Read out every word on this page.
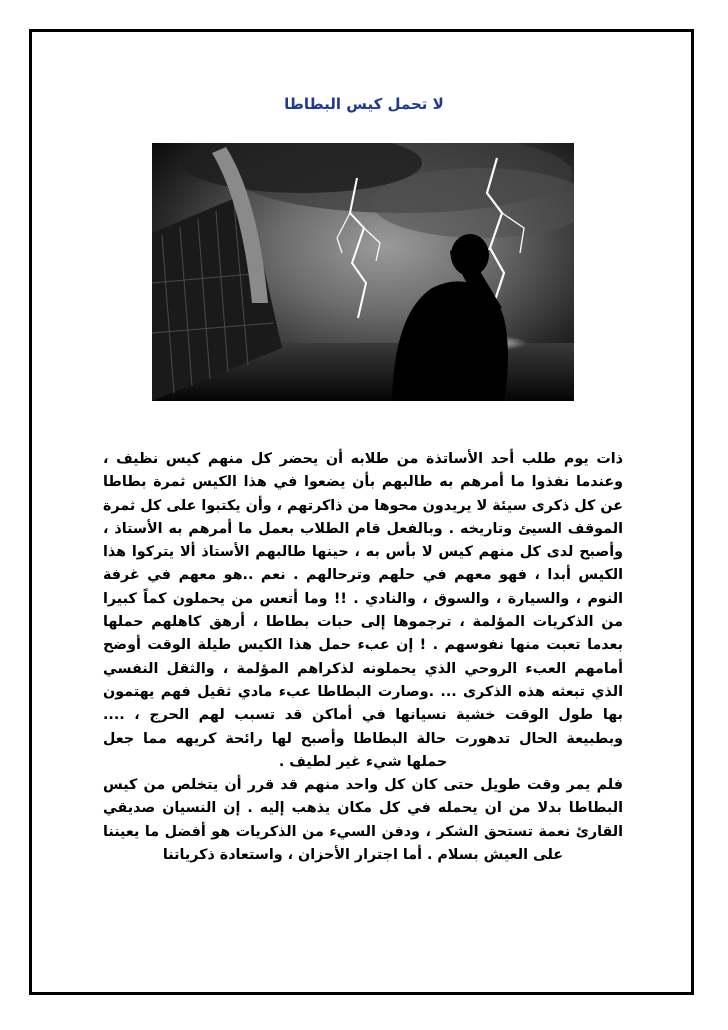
لا تحمل كيس البطاطا

ذات يوم طلب أحد الأساتذة من طلابه أن يحضر كل منهم كيس نظيف ، وعندما نفذوا ما أمرهم به طالبهم بأن يضعوا في هذا الكيس ثمرة بطاطا عن كل ذكرى سيئة لا يريدون محوها من ذاكرتهم ، وأن يكتبوا على كل ثمرة الموقف السيئ وتاريخه . وبالفعل قام الطلاب بعمل ما أمرهم به الأستاذ ، وأصبح لدى كل منهم كيس لا بأس به ، حينها طالبهم الأستاذ ألا يتركوا هذا الكيس أبدا ، فهو معهم في حلهم وترحالهم . نعم ..هو معهم في غرفة النوم ، والسيارة ، والسوق ، والنادي . !! وما أتعس من يحملون كماً كبيرا من الذكريات المؤلمة ، ترجموها إلى حبات بطاطا ، أرهق كاهلهم حملها بعدما تعبت منها نفوسهم . ! إن عبء حمل هذا الكيس طيلة الوقت أوضح أمامهم العبء الروحي الذي يحملونه لذكراهم المؤلمة ، والثقل النفسي الذي تبعثه هذه الذكرى ... .وصارت البطاطا عبء مادي ثقيل فهم يهتمون بها طول الوقت خشية نسيانها في أماكن قد تسبب لهم الحرج ، .... وبطبيعة الحال تدهورت حالة البطاطا وأصبح لها رائحة كريهه مما جعل حملها شيء غير لطيف .

فلم يمر وقت طويل حتى كان كل واحد منهم قد قرر أن يتخلص من كيس البطاطا بدلا من ان يحمله في كل مكان يذهب إليه . إن النسيان صديقي القارئ نعمة تستحق الشكر ، ودفن السيء من الذكريات هو أفضل ما يعيننا على العيش بسلام . أما اجترار الأحزان ، واستعادة ذكرياتنا
